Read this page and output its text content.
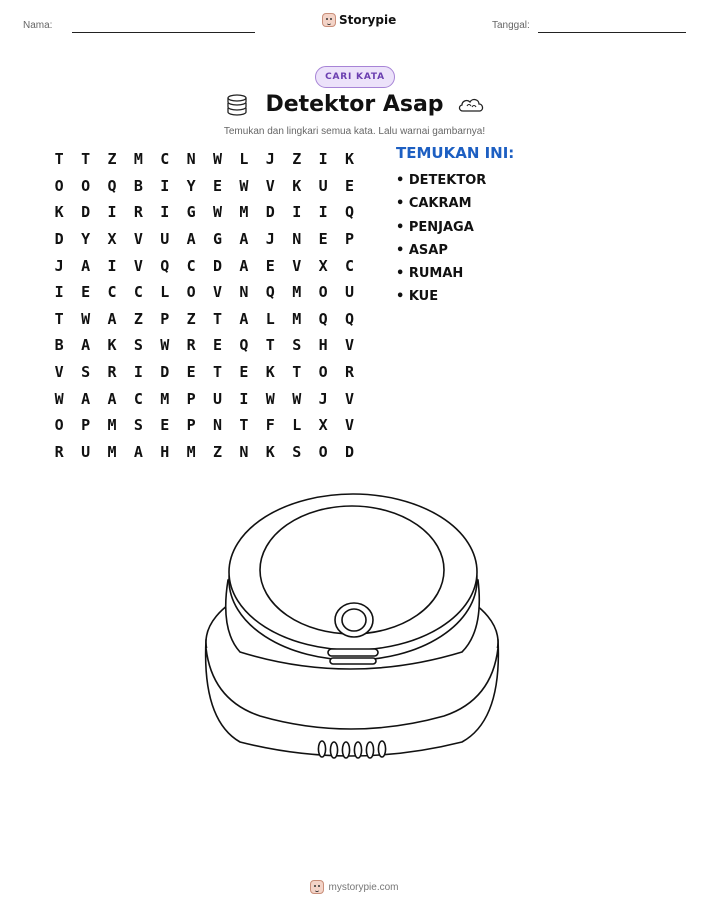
Nama:	Storypie	Tanggal:
CARI KATA
Detektor Asap
Temukan dan lingkari semua kata. Lalu warnai gambarnya!
T	T	Z	M	C	N	W	L	J	Z	I	K
O	O	Q	B	I	Y	E	W	V	K	U	E
K	D	I	R	I	G	W	M	D	I	I	Q
D	Y	X	V	U	A	G	A	J	N	E	P
J	A	I	V	Q	C	D	A	E	V	X	C
I	E	C	C	L	O	V	N	Q	M	O	U
T	W	A	Z	P	Z	T	A	L	M	Q	Q
B	A	K	S	W	R	E	Q	T	S	H	V
V	S	R	I	D	E	T	E	K	T	O	R
W	A	A	C	M	P	U	I	W	W	J	V
O	P	M	S	E	P	N	T	F	L	X	V
R	U	M	A	H	M	Z	N	K	S	O	D
TEMUKAN INI:
• DETEKTOR
• CAKRAM
• PENJAGA
• ASAP
• RUMAH
• KUE
mystorypie.com
